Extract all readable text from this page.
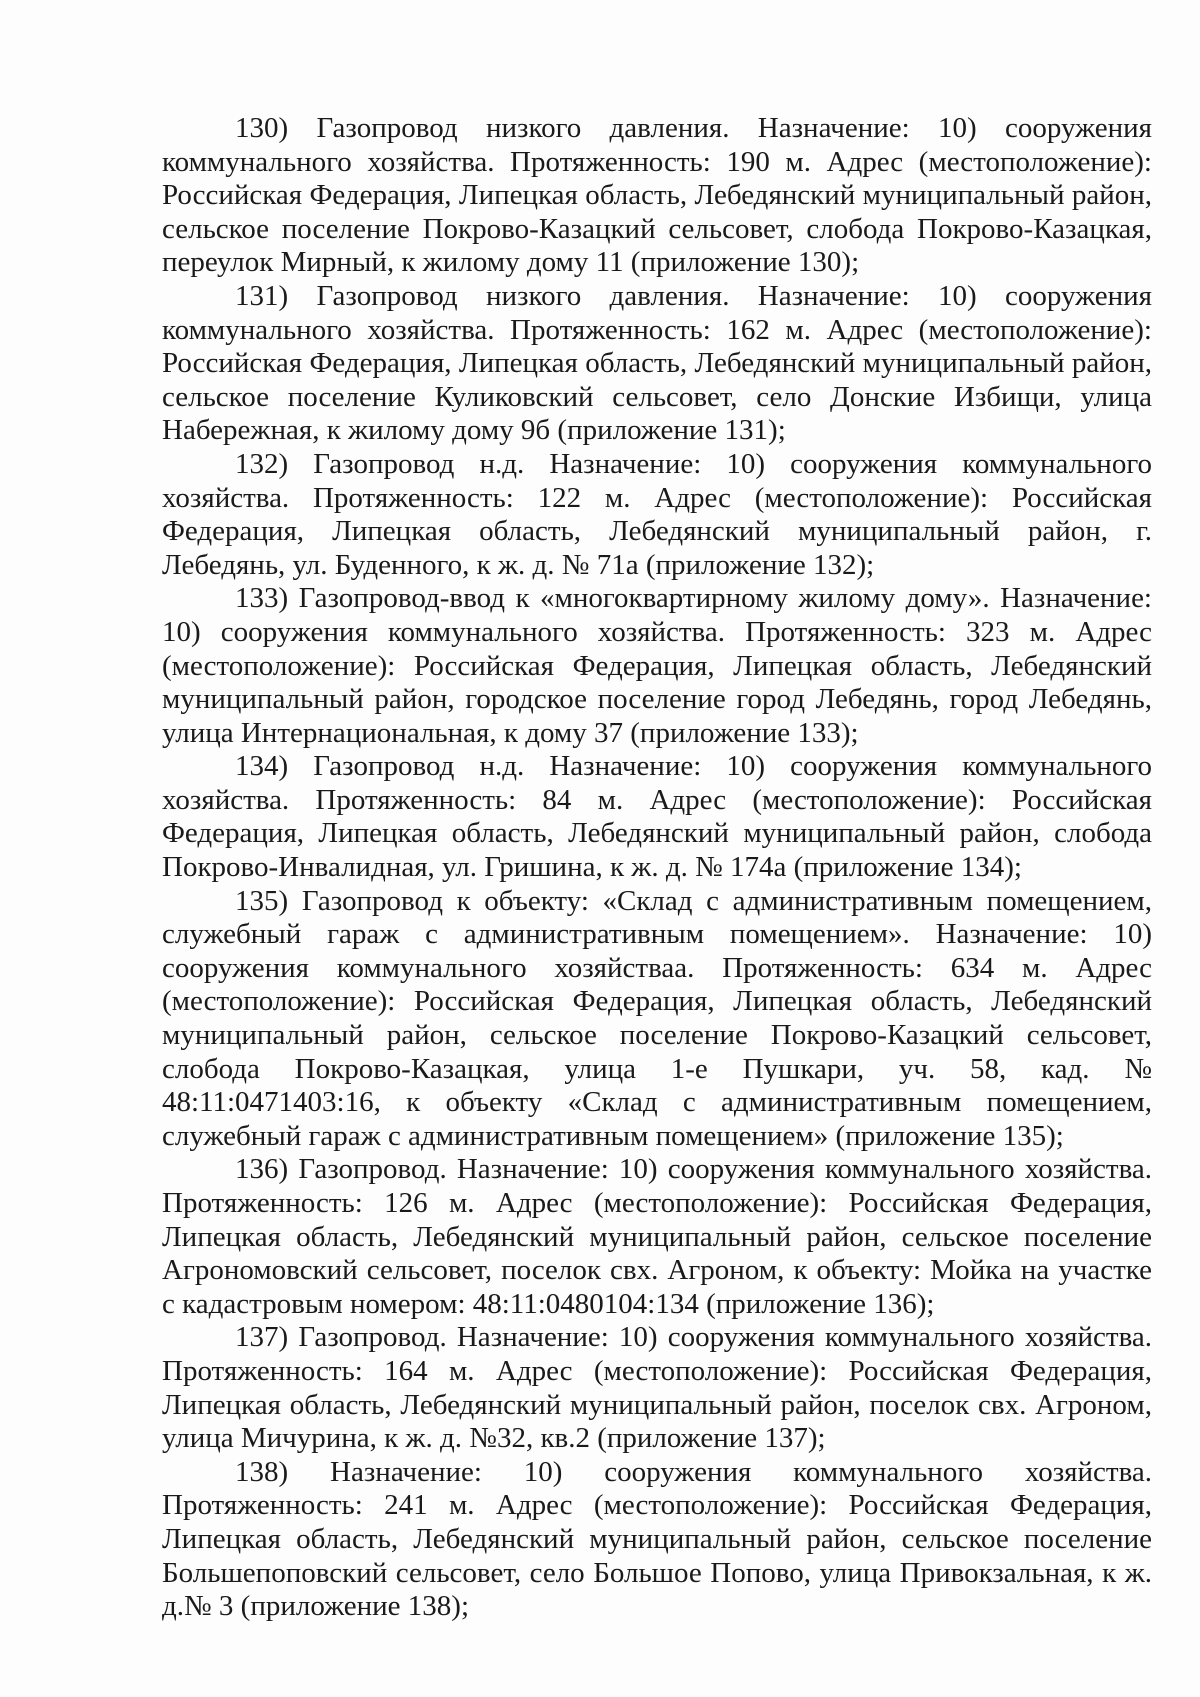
130) Газопровод низкого давления. Назначение: 10) сооружения коммунального хозяйства. Протяженность: 190 м. Адрес (местоположение): Российская Федерация, Липецкая область, Лебедянский муниципальный район, сельское поселение Покрово-Казацкий сельсовет, слобода Покрово-Казацкая, переулок Мирный, к жилому дому 11 (приложение 130);

131) Газопровод низкого давления. Назначение: 10) сооружения коммунального хозяйства. Протяженность: 162 м. Адрес (местоположение): Российская Федерация, Липецкая область, Лебедянский муниципальный район, сельское поселение Куликовский сельсовет, село Донские Избищи, улица Набережная, к жилому дому 9б (приложение 131);

132) Газопровод н.д. Назначение: 10) сооружения коммунального хозяйства. Протяженность: 122 м. Адрес (местоположение): Российская Федерация, Липецкая область, Лебедянский муниципальный район, г. Лебедянь, ул. Буденного, к ж. д. № 71а (приложение 132);

133) Газопровод-ввод к «многоквартирному жилому дому». Назначение: 10) сооружения коммунального хозяйства. Протяженность: 323 м. Адрес (местоположение): Российская Федерация, Липецкая область, Лебедянский муниципальный район, городское поселение город Лебедянь, город Лебедянь, улица Интернациональная, к дому 37 (приложение 133);

134) Газопровод н.д. Назначение: 10) сооружения коммунального хозяйства. Протяженность: 84 м. Адрес (местоположение): Российская Федерация, Липецкая область, Лебедянский муниципальный район, слобода Покрово-Инвалидная, ул. Гришина, к ж. д. № 174а (приложение 134);

135) Газопровод к объекту: «Склад с административным помещением, служебный гараж с административным помещением». Назначение: 10) сооружения коммунального хозяйстваа. Протяженность: 634 м. Адрес (местоположение): Российская Федерация, Липецкая область, Лебедянский муниципальный район, сельское поселение Покрово-Казацкий сельсовет, слобода Покрово-Казацкая, улица 1-е Пушкари, уч. 58, кад. № 48:11:0471403:16, к объекту «Склад с административным помещением, служебный гараж с административным помещением» (приложение 135);

136) Газопровод. Назначение: 10) сооружения коммунального хозяйства. Протяженность: 126 м. Адрес (местоположение): Российская Федерация, Липецкая область, Лебедянский муниципальный район, сельское поселение Агрономовский сельсовет, поселок свх. Агроном, к объекту: Мойка на участке с кадастровым номером: 48:11:0480104:134 (приложение 136);

137) Газопровод. Назначение: 10) сооружения коммунального хозяйства. Протяженность: 164 м. Адрес (местоположение): Российская Федерация, Липецкая область, Лебедянский муниципальный район, поселок свх. Агроном, улица Мичурина, к ж. д. №32, кв.2 (приложение 137);

138) Назначение: 10) сооружения коммунального хозяйства. Протяженность: 241 м. Адрес (местоположение): Российская Федерация, Липецкая область, Лебедянский муниципальный район, сельское поселение Большепоповский сельсовет, село Большое Попово, улица Привокзальная, к ж. д.№ 3 (приложение 138);
